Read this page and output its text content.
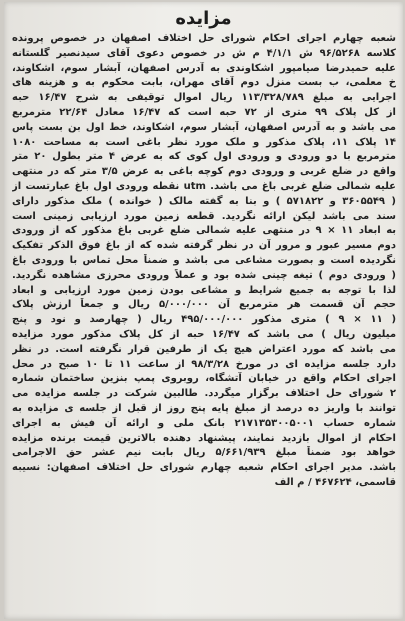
مزایده
شعبه چهارم اجرای احکام شورای حل اختلاف اصفهان در خصوص پرونده
کلاسه ۹۶/۵۲۶۸ ش ۴/۱/۱ م ش در خصوص دعوی آقای سیدنصیر گلستانه
علیه حمیدرضا صیامپور اشکاوندی به آدرس اصفهان، آبشار سوم، اشکاوند،
خ معلمی، ب بست منزل دوم آقای مهران، بابت محکوم به و هزینه های
اجرایی به مبلغ ۱۱۳/۳۲۸/۷۸۹ ریال اموال توقیفی به شرح ۱۶/۴۷ حبه
از کل پلاک ۹۹ متری از ۷۲ حبه است که ۱۶/۴۷ معادل ۲۲/۶۴ مترمربع
می باشد و به آدرس اصفهان، آبشار سوم، اشکاوند، خط اول بن بست پاس
۱۴ پلاک ۱۱، پلاک مذکور و ملک مورد نظر باغی است به مساحت ۱۰۸۰
مترمربع با دو ورودی و ورودی اول کوی که به عرض ۴ متر بطول ۲۰ متر
واقع در ضلع غربی و ورودی دوم کوچه باغی به عرض ۳/۵ متر که در منتهی
علیه شمالی ضلع غربی باغ می باشد. utm نقطه ورودی اول باغ عبارتست از
( ۳۶۰۵۵۴۹ و ۵۷۱۸۲۲ ) و بنا به گفته مالک ( خوانده ) ملک مذکور دارای
سند می باشد لیکن ارائه نگردید. قطعه زمین مورد ارزیابی زمینی است
به ابعاد ۱۱ × ۹ در منتهی علیه شمالی ضلع غربی باغ مذکور که از ورودی
دوم مسیر عبور و مرور آن در نظر گرفته شده که از باغ فوق الذکر تفکیک
نگردیده است و بصورت مشاعی می باشد و ضمناً محل تماس با ورودی باغ
( ورودی دوم ) تیغه چینی شده بود و عملاً ورودی محرزی مشاهده نگردید.
لذا با توجه به جمیع شرایط و مشاعی بودن زمین مورد ارزیابی و ابعاد
حجم آن قسمت هر مترمربع آن ۵/۰۰۰/۰۰۰ ریال و جمعاً ارزش پلاک
( ۱۱ × ۹ ) متری مذکور ۴۹۵/۰۰۰/۰۰۰ ریال ( چهارصد و نود و پنج
میلیون ریال ) می باشد که ۱۶/۴۷ حبه از کل پلاک مذکور مورد مزایده
می باشد که مورد اعتراض هیچ یک از طرفین قرار نگرفته است. در نظر
دارد جلسه مزایده ای در مورخ ۹۸/۳/۲۸ از ساعت ۱۱ تا ۱۰ صبح در محل
اجرای احکام واقع در خیابان آتشگاه، روبروی پمپ بنزین ساختمان شماره
۲ شورای حل اختلاف برگزار میگردد. طالبین شرکت در جلسه مزایده می
توانند با واریز ده درصد از مبلغ پایه پنج روز از قبل از جلسه ی مزایده به
شماره حساب ۲۱۷۱۳۵۳۰۰۵۰۰۱ بانک ملی و ارائه آن فیش به اجرای
احکام از اموال بازدید نمایند، پیشنهاد دهنده بالاترین قیمت برنده مزایده
خواهد بود ضمناً مبلغ ۵/۶۶۱/۹۳۹ ریال بابت نیم عشر حق الاجرامی
باشد. مدیر اجرای احکام شعبه چهارم شورای حل اختلاف اصفهان: نسیبه
قاسمی، ۴۶۷۶۲۴ / م الف
